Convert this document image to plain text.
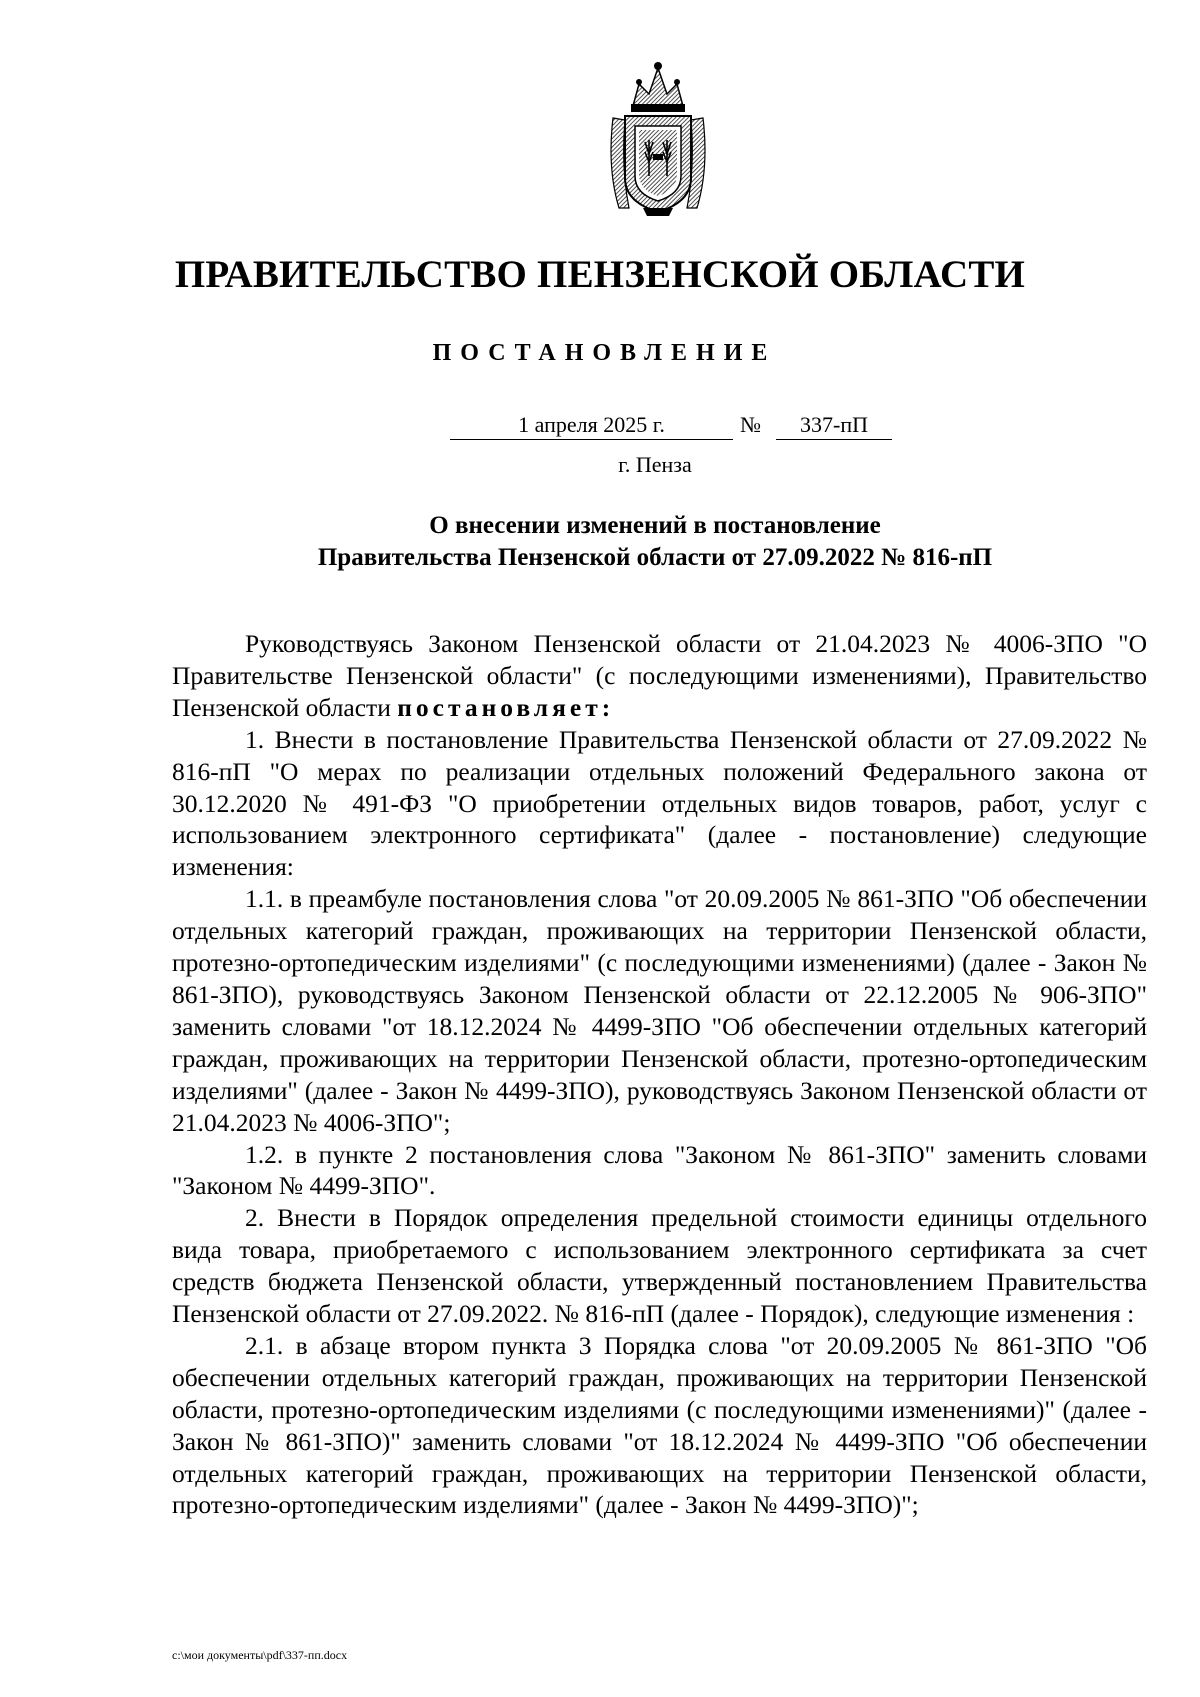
ПРАВИТЕЛЬСТВО ПЕНЗЕНСКОЙ ОБЛАСТИ
ПОСТАНОВЛЕНИЕ
1 апреля 2025 г.	№	337-пП
г. Пенза
О внесении изменений в постановление
Правительства Пензенской области от 27.09.2022 № 816-пП

Руководствуясь Законом Пензенской области от 21.04.2023 № 4006-ЗПО "О Правительстве Пензенской области" (с последующими изменениями), Правительство Пензенской области постановляет:

1. Внести в постановление Правительства Пензенской области от 27.09.2022 № 816-пП "О мерах по реализации отдельных положений Федерального закона от 30.12.2020 № 491-ФЗ "О приобретении отдельных видов товаров, работ, услуг с использованием электронного сертификата" (далее - постановление) следующие изменения:

1.1. в преамбуле постановления слова "от 20.09.2005 № 861-ЗПО "Об обеспечении отдельных категорий граждан, проживающих на территории Пензенской области, протезно-ортопедическим изделиями" (с последующими изменениями) (далее - Закон № 861-ЗПО), руководствуясь Законом Пензенской области от 22.12.2005 № 906-ЗПО" заменить словами "от 18.12.2024 № 4499-ЗПО "Об обеспечении отдельных категорий граждан, проживающих на территории Пензенской области, протезно-ортопедическим изделиями" (далее - Закон № 4499-ЗПО), руководствуясь Законом Пензенской области от 21.04.2023 № 4006-ЗПО";

1.2. в пункте 2 постановления слова "Законом № 861-ЗПО" заменить словами "Законом № 4499-ЗПО".

2. Внести в Порядок определения предельной стоимости единицы отдельного вида товара, приобретаемого с использованием электронного сертификата за счет средств бюджета Пензенской области, утвержденный постановлением Правительства Пензенской области от 27.09.2022. № 816-пП (далее - Порядок), следующие изменения :

2.1. в абзаце втором пункта 3 Порядка слова "от 20.09.2005 № 861-ЗПО "Об обеспечении отдельных категорий граждан, проживающих на территории Пензенской области, протезно-ортопедическим изделиями (с последующими изменениями)" (далее - Закон № 861-ЗПО)" заменить словами "от 18.12.2024 № 4499-ЗПО "Об обеспечении отдельных категорий граждан, проживающих на территории Пензенской области, протезно-ортопедическим изделиями" (далее - Закон № 4499-ЗПО)";

c:\мои документы\pdf\337-пп.docx
